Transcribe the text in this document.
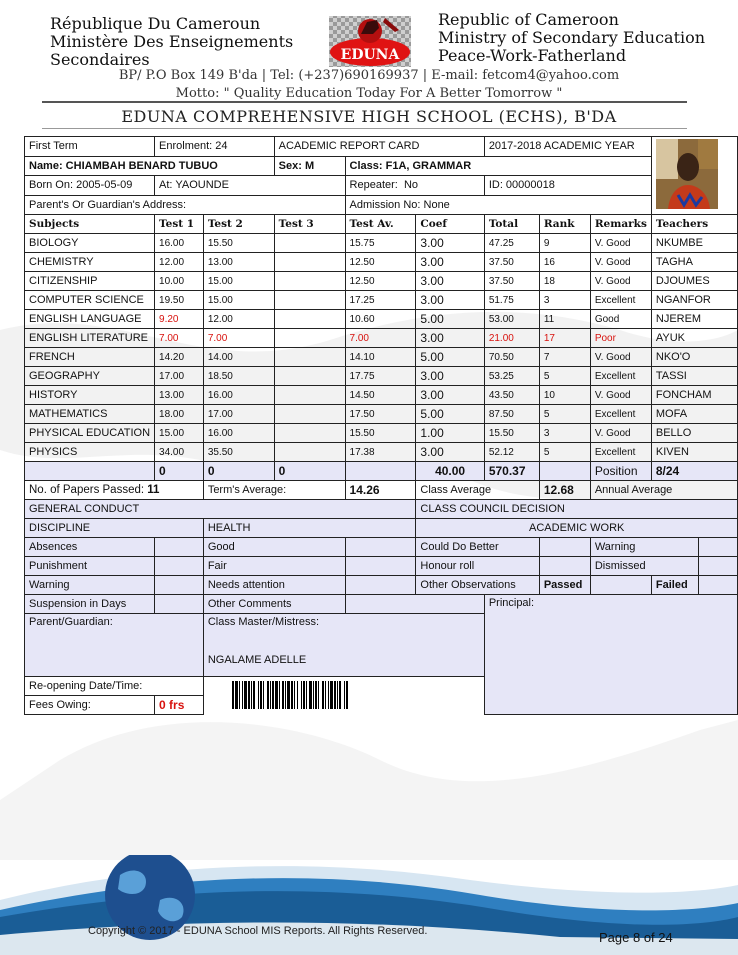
République Du Cameroun
Ministère Des Enseignements
Secondaires	EDUNA
Republic of Cameroon
Ministry of Secondary Education
Peace-Work-Fatherland
BP/ P.O Box 149 B'da | Tel: (+237)690169937 | E-mail: fetcom4@yahoo.com
Motto: " Quality Education Today For A Better Tomorrow "
EDUNA COMPREHENSIVE HIGH SCHOOL (ECHS), B'DA
First Term	Enrolment: 24		ACADEMIC REPORT CARD			2017-2018 ACADEMIC YEAR	
Name: CHIAMBAH BENARD TUBUO			Sex: M	Class: F1A, GRAMMAR						
Born On: 2005-05-09	At: YAOUNDE			Repeater: No		ID: 00000018				
Parent's Or Guardian's Address:				Admission No: None						
Subjects	Test 1	Test 2	Test 3	Test Av.	Coef	Total	Rank	Remarks	Teachers	
BIOLOGY	16.00	15.50		15.75	3.00	47.25	9	V. Good	NKUMBE	
CHEMISTRY	12.00	13.00		12.50	3.00	37.50	16	V. Good	TAGHA	
CITIZENSHIP	10.00	15.00		12.50	3.00	37.50	18	V. Good	DJOUMES	
COMPUTER SCIENCE	19.50	15.00		17.25	3.00	51.75	3	Excellent	NGANFOR	
ENGLISH LANGUAGE	9.20	12.00		10.60	5.00	53.00	11	Good	NJEREM	
ENGLISH LITERATURE	7.00	7.00		7.00	3.00	21.00	17	Poor	AYUK	
FRENCH	14.20	14.00		14.10	5.00	70.50	7	V. Good	NKO'O	
GEOGRAPHY	17.00	18.50		17.75	3.00	53.25	5	Excellent	TASSI	
HISTORY	13.00	16.00		14.50	3.00	43.50	10	V. Good	FONCHAM	
MATHEMATICS	18.00	17.00		17.50	5.00	87.50	5	Excellent	MOFA	
PHYSICAL EDUCATION	15.00	16.00		15.50	1.00	15.50	3	V. Good	BELLO	
PHYSICS	34.00	35.50		17.38	3.00	52.12	5	Excellent	KIVEN	
	0	0	0		40.00	570.37		Position	8/24	
No. of Papers Passed: 11		Term's Average:		14.26	Class Average		12.68	Annual Average		
GENERAL CONDUCT					CLASS COUNCIL DECISION					
DISCIPLINE		HEALTH			ACADEMIC WORK					
Absences		Good			Could Do Better			Warning		
Punishment		Fair			Honour roll			Dismissed		
Warning		Needs attention			Other Observations		Passed		Failed	
Suspension in Days		Other Comments				Principal:				
Parent/Guardian:		Class Master/Mistress:
NGALAME ADELLE								

Re-opening Date/Time:	

Fees Owing:	0 frs									
Copyright © 2017 - EDUNA School MIS Reports. All Rights Reserved.	Page 8 of 24
